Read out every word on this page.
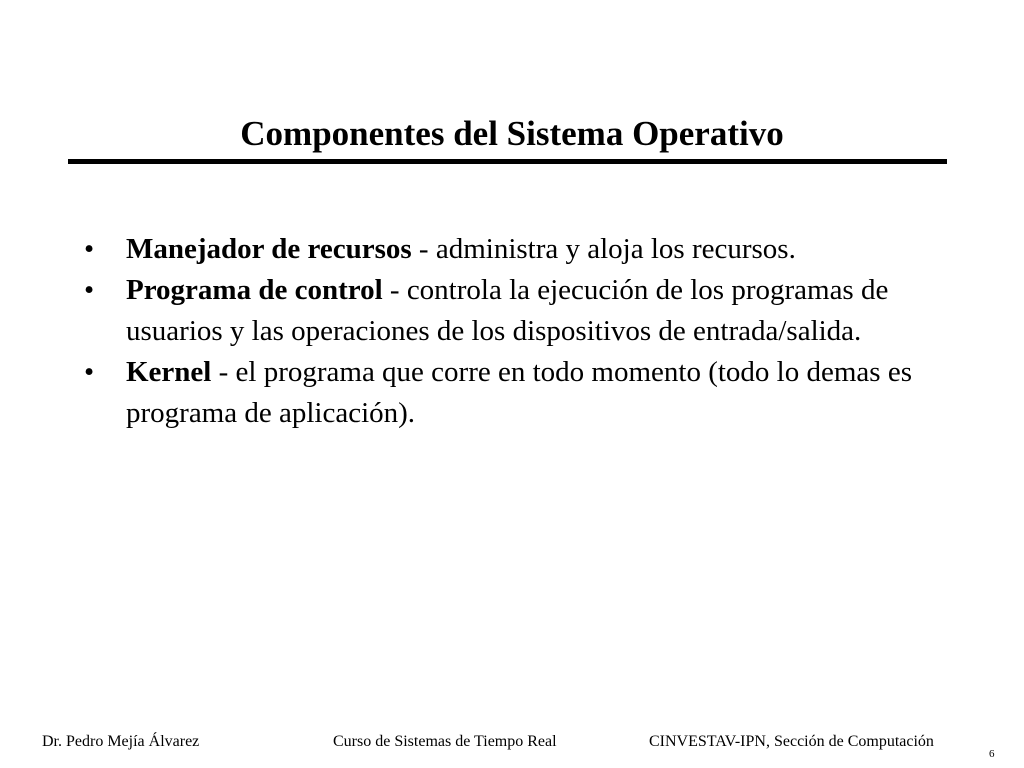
Componentes del Sistema Operativo
•	Manejador de recursos - administra y aloja los recursos.
•	Programa de control - controla la ejecución de los programas de usuarios y las operaciones de los dispositivos de entrada/salida.
•	Kernel - el programa que corre en todo momento (todo lo demas es programa de aplicación).
Dr. Pedro Mejía Álvarez	Curso de Sistemas de Tiempo Real	CINVESTAV-IPN, Sección de Computación
6
